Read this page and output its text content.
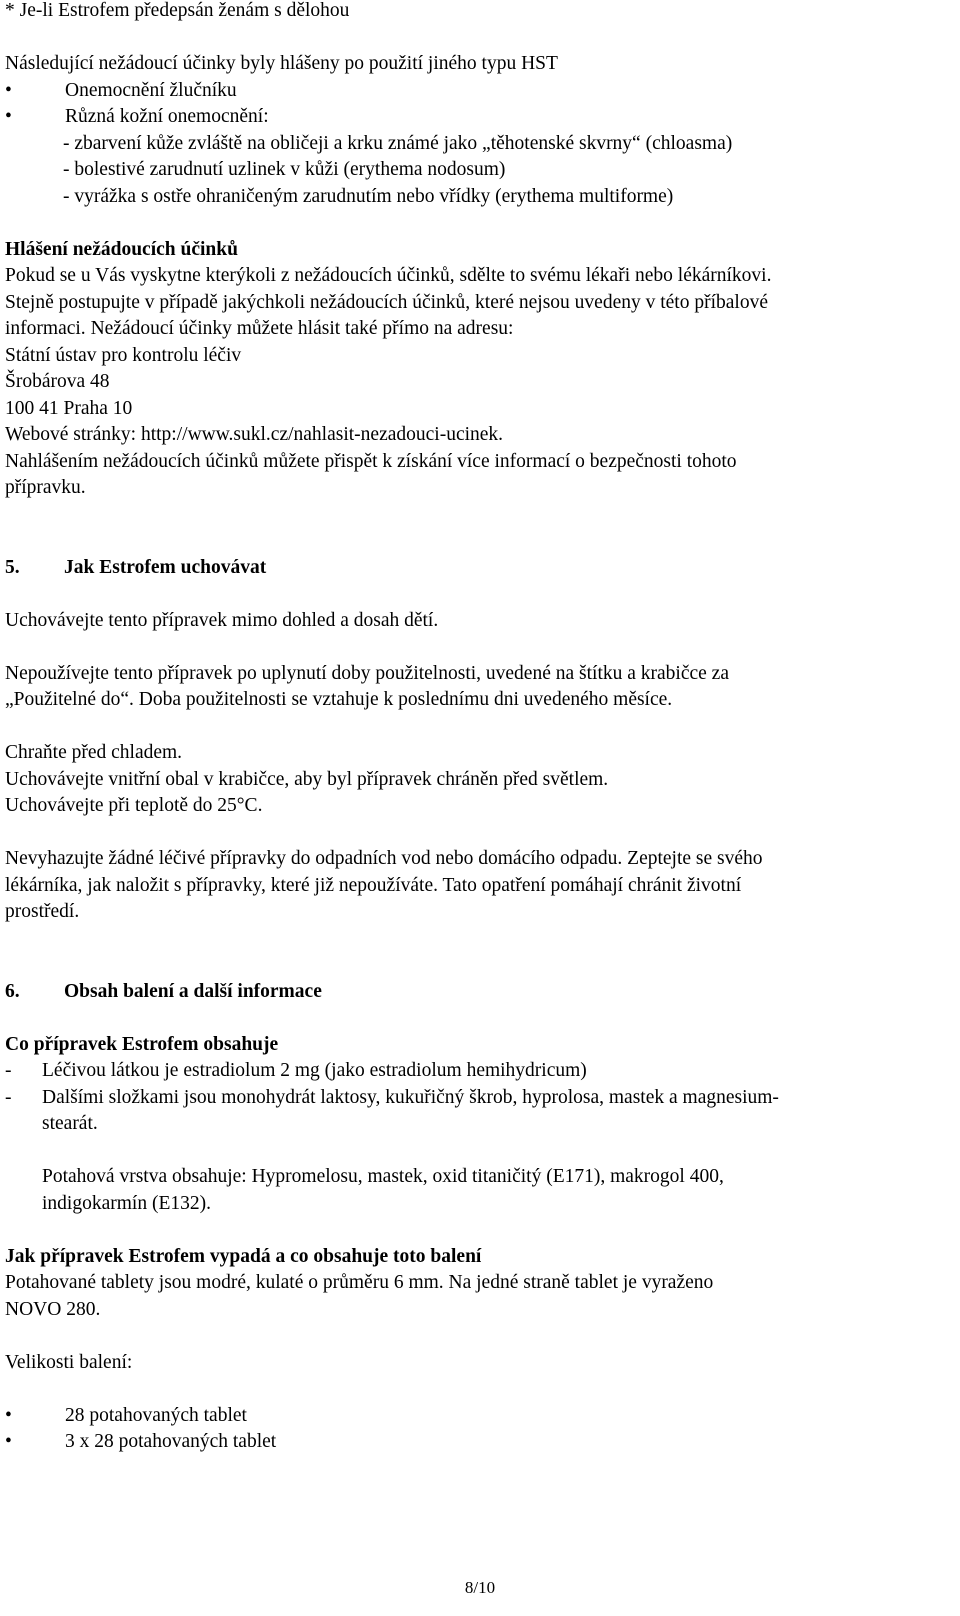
* Je-li Estrofem předepsán ženám s dělohou
Následující nežádoucí účinky byly hlášeny po použití jiného typu HST
•	Onemocnění žlučníku
•	Různá kožní onemocnění:
- zbarvení kůže zvláště na obličeji a krku známé jako „těhotenské skvrny“ (chloasma)
- bolestivé zarudnutí uzlinek v kůži (erythema nodosum)
- vyrážka s ostře ohraničeným zarudnutím nebo vřídky (erythema multiforme)
Hlášení nežádoucích účinků
Pokud se u Vás vyskytne kterýkoli z nežádoucích účinků, sdělte to svému lékaři nebo lékárníkovi.
Stejně postupujte v případě jakýchkoli nežádoucích účinků, které nejsou uvedeny v této příbalové
informaci. Nežádoucí účinky můžete hlásit také přímo na adresu:
Státní ústav pro kontrolu léčiv
Šrobárova 48
100 41 Praha 10
Webové stránky: http://www.sukl.cz/nahlasit-nezadouci-ucinek.
Nahlášením nežádoucích účinků můžete přispět k získání více informací o bezpečnosti tohoto
přípravku.
5. Jak Estrofem uchovávat
Uchovávejte tento přípravek mimo dohled a dosah dětí.
Nepoužívejte tento přípravek po uplynutí doby použitelnosti, uvedené na štítku a krabičce za
„Použitelné do“. Doba použitelnosti se vztahuje k poslednímu dni uvedeného měsíce.
Chraňte před chladem.
Uchovávejte vnitřní obal v krabičce, aby byl přípravek chráněn před světlem.
Uchovávejte při teplotě do 25°C.
Nevyhazujte žádné léčivé přípravky do odpadních vod nebo domácího odpadu. Zeptejte se svého
lékárníka, jak naložit s přípravky, které již nepoužíváte. Tato opatření pomáhají chránit životní
prostředí.
6. Obsah balení a další informace
Co přípravek Estrofem obsahuje
- Léčivou látkou je estradiolum 2 mg (jako estradiolum hemihydricum)
- Dalšími složkami jsou monohydrát laktosy, kukuřičný škrob, hyprolosa, mastek a magnesium-
stearát.
Potahová vrstva obsahuje: Hypromelosu, mastek, oxid titaničitý (E171), makrogol 400,
indigokarmín (E132).
Jak přípravek Estrofem vypadá a co obsahuje toto balení
Potahované tablety jsou modré, kulaté o průměru 6 mm. Na jedné straně tablet je vyraženo
NOVO 280.
Velikosti balení:
•	28 potahovaných tablet
•	3 x 28 potahovaných tablet
8/10
